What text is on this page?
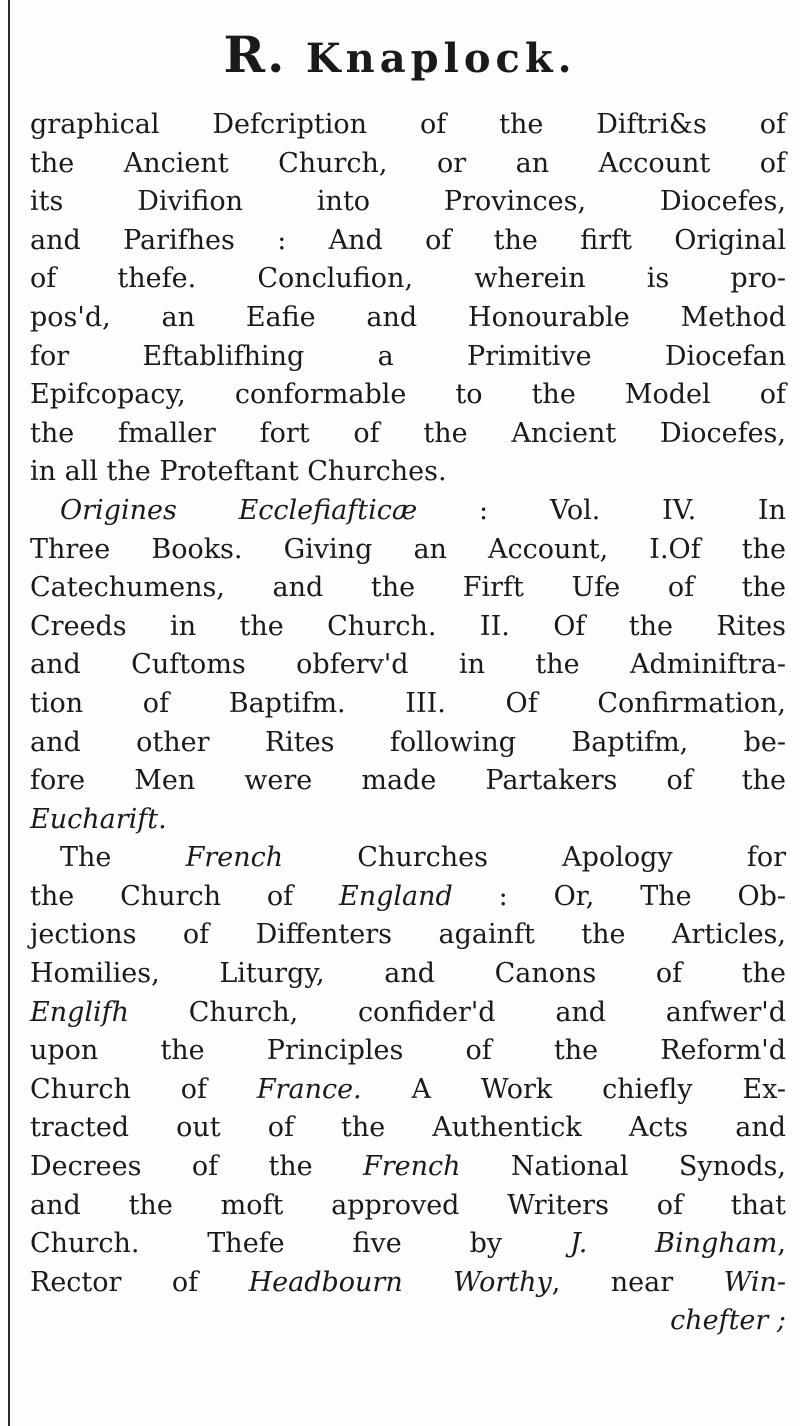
R. Knaplock.
graphical Defcription of the Diftri&s of
the Ancient Church, or an Account of
its Divifion into Provinces, Diocefes,
and Parifhes : And of the firft Original
of thefe. Conclufion, wherein is pro-
pos'd, an Eafie and Honourable Method
for Eftablifhing a Primitive Diocefan
Epifcopacy, conformable to the Model of
the fmaller fort of the Ancient Diocefes,
in all the Proteftant Churches.
Origines Ecclefiafticæ : Vol. IV. In
Three Books. Giving an Account, I.Of the
Catechumens, and the Firft Ufe of the
Creeds in the Church. II. Of the Rites
and Cuftoms obferv'd in the Adminiftra-
tion of Baptifm. III. Of Confirmation,
and other Rites following Baptifm, be-
fore Men were made Partakers of the
Eucharift.
The French Churches Apology for
the Church of England : Or, The Ob-
jections of Diffenters againft the Articles,
Homilies, Liturgy, and Canons of the
Englifh Church, confider'd and anfwer'd
upon the Principles of the Reform'd
Church of France. A Work chiefly Ex-
tracted out of the Authentick Acts and
Decrees of the French National Synods,
and the moft approved Writers of that
Church. Thefe five by J. Bingham,
Rector of Headbourn Worthy, near Win-
chefter ;
